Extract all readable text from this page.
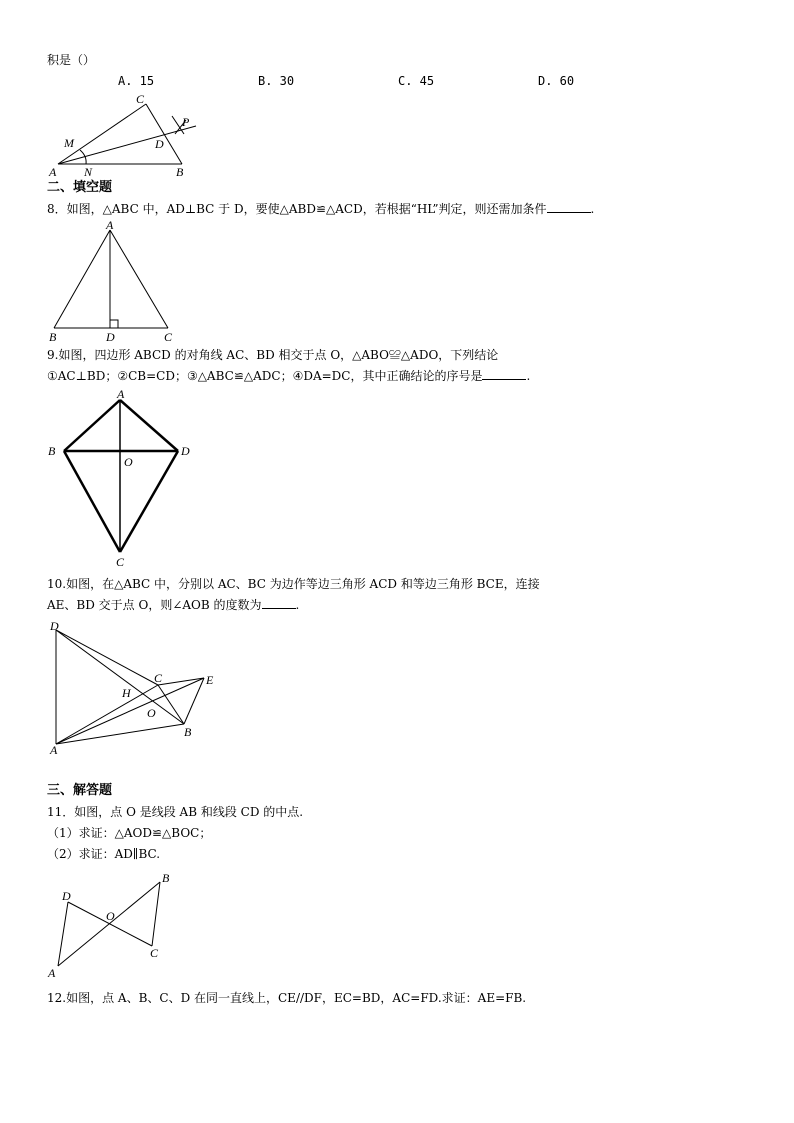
积是（）
A. 15	B. 30	C. 45	D. 60
C
P
M	D
A N	B
二、填空题
8．如图，△ABC 中，AD⊥BC 于 D，要使△ABD≌△ACD，若根据“HL”判定，则还需加条件	.
A
B	D	C
9.如图，四边形 ABCD 的对角线 AC、BD 相交于点 O，△ABO≌△ADO，下列结论
①AC⊥BD；②CB=CD；③△ABC≌△ADC；④DA=DC，其中正确结论的序号是	.
A
B	D
O
C
10.如图，在△ABC 中，分别以 AC、BC 为边作等边三角形 ACD 和等边三角形 BCE，连接
AE、BD 交于点 O，则∠AOB 的度数为	.
D
C	E
H
O
B
A
三、解答题
11．如图，点 O 是线段 AB 和线段 CD 的中点.
（1）求证：△AOD≌△BOC；
（2）求证：AD∥BC.
D
B
O
C
A
12.如图，点 A、B、C、D 在同一直线上，CE//DF，EC=BD，AC=FD.求证：AE=FB.
